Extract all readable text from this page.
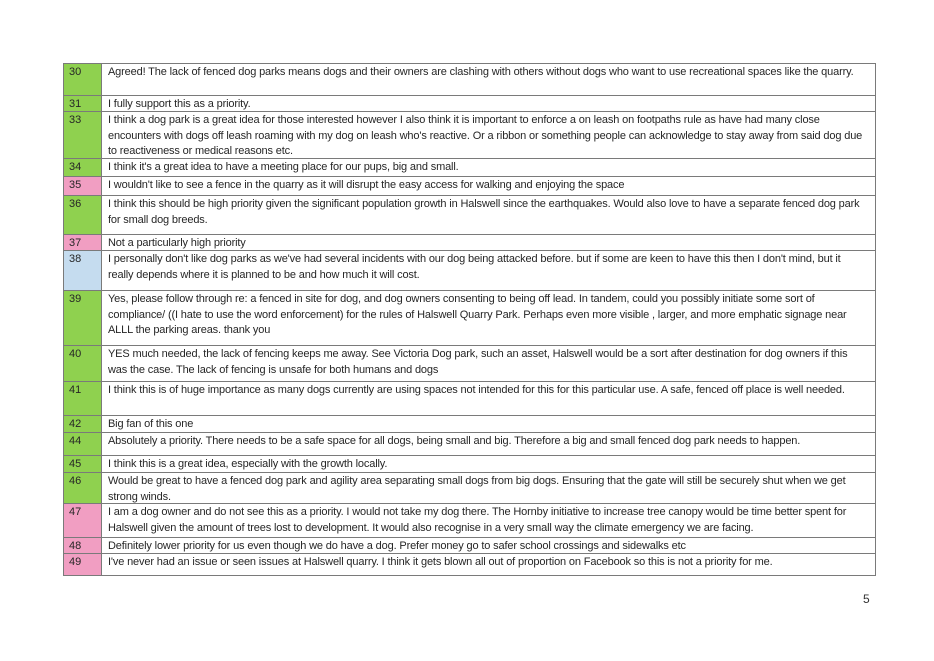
30	Agreed! The lack of fenced dog parks means dogs and their owners are clashing with others without dogs who want to use recreational spaces like the quarry.
31	I fully support this as a priority.
33	I think a dog park is a great idea for those interested however I also think it is important to enforce a on leash on footpaths rule as have had many close encounters with dogs off leash roaming with my dog on leash who's reactive. Or a ribbon or something people can acknowledge to stay away from said dog due to reactiveness or medical reasons etc.
34	I think it's a great idea to have a meeting place for our pups, big and small.
35	I wouldn't like to see a fence in the quarry as it will disrupt the easy access for walking and enjoying the space
36	I think this should be high priority given the significant population growth in Halswell since the earthquakes. Would also love to have a separate fenced dog park for small dog breeds.
37	Not a particularly high priority
38	I personally don't like dog parks as we've had several incidents with our dog being attacked before. but if some are keen to have this then I don't mind, but it really depends where it is planned to be and how much it will cost.
39	Yes, please follow through re: a fenced in site for dog, and dog owners consenting to being off lead. In tandem, could you possibly initiate some sort of compliance/ ((I hate to use the word enforcement) for the rules of Halswell Quarry Park. Perhaps even more visible , larger, and more emphatic signage near ALLL the parking areas. thank you
40	YES much needed, the lack of fencing keeps me away. See Victoria Dog park, such an asset, Halswell would be a sort after destination for dog owners if this was the case. The lack of fencing is unsafe for both humans and dogs
41	I think this is of huge importance as many dogs currently are using spaces not intended for this for this particular use. A safe, fenced off place is well needed.
42	Big fan of this one
44	Absolutely a priority. There needs to be a safe space for all dogs, being small and big. Therefore a big and small fenced dog park needs to happen.
45	I think this is a great idea, especially with the growth locally.
46	Would be great to have a fenced dog park and agility area separating small dogs from big dogs. Ensuring that the gate will still be securely shut when we get strong winds.
47	I am a dog owner and do not see this as a priority. I would not take my dog there. The Hornby initiative to increase tree canopy would be time better spent for Halswell given the amount of trees lost to development. It would also recognise in a very small way the climate emergency we are facing.
48	Definitely lower priority for us even though we do have a dog. Prefer money go to safer school crossings and sidewalks etc
49	I've never had an issue or seen issues at Halswell quarry. I think it gets blown all out of proportion on Facebook so this is not a priority for me.
5
